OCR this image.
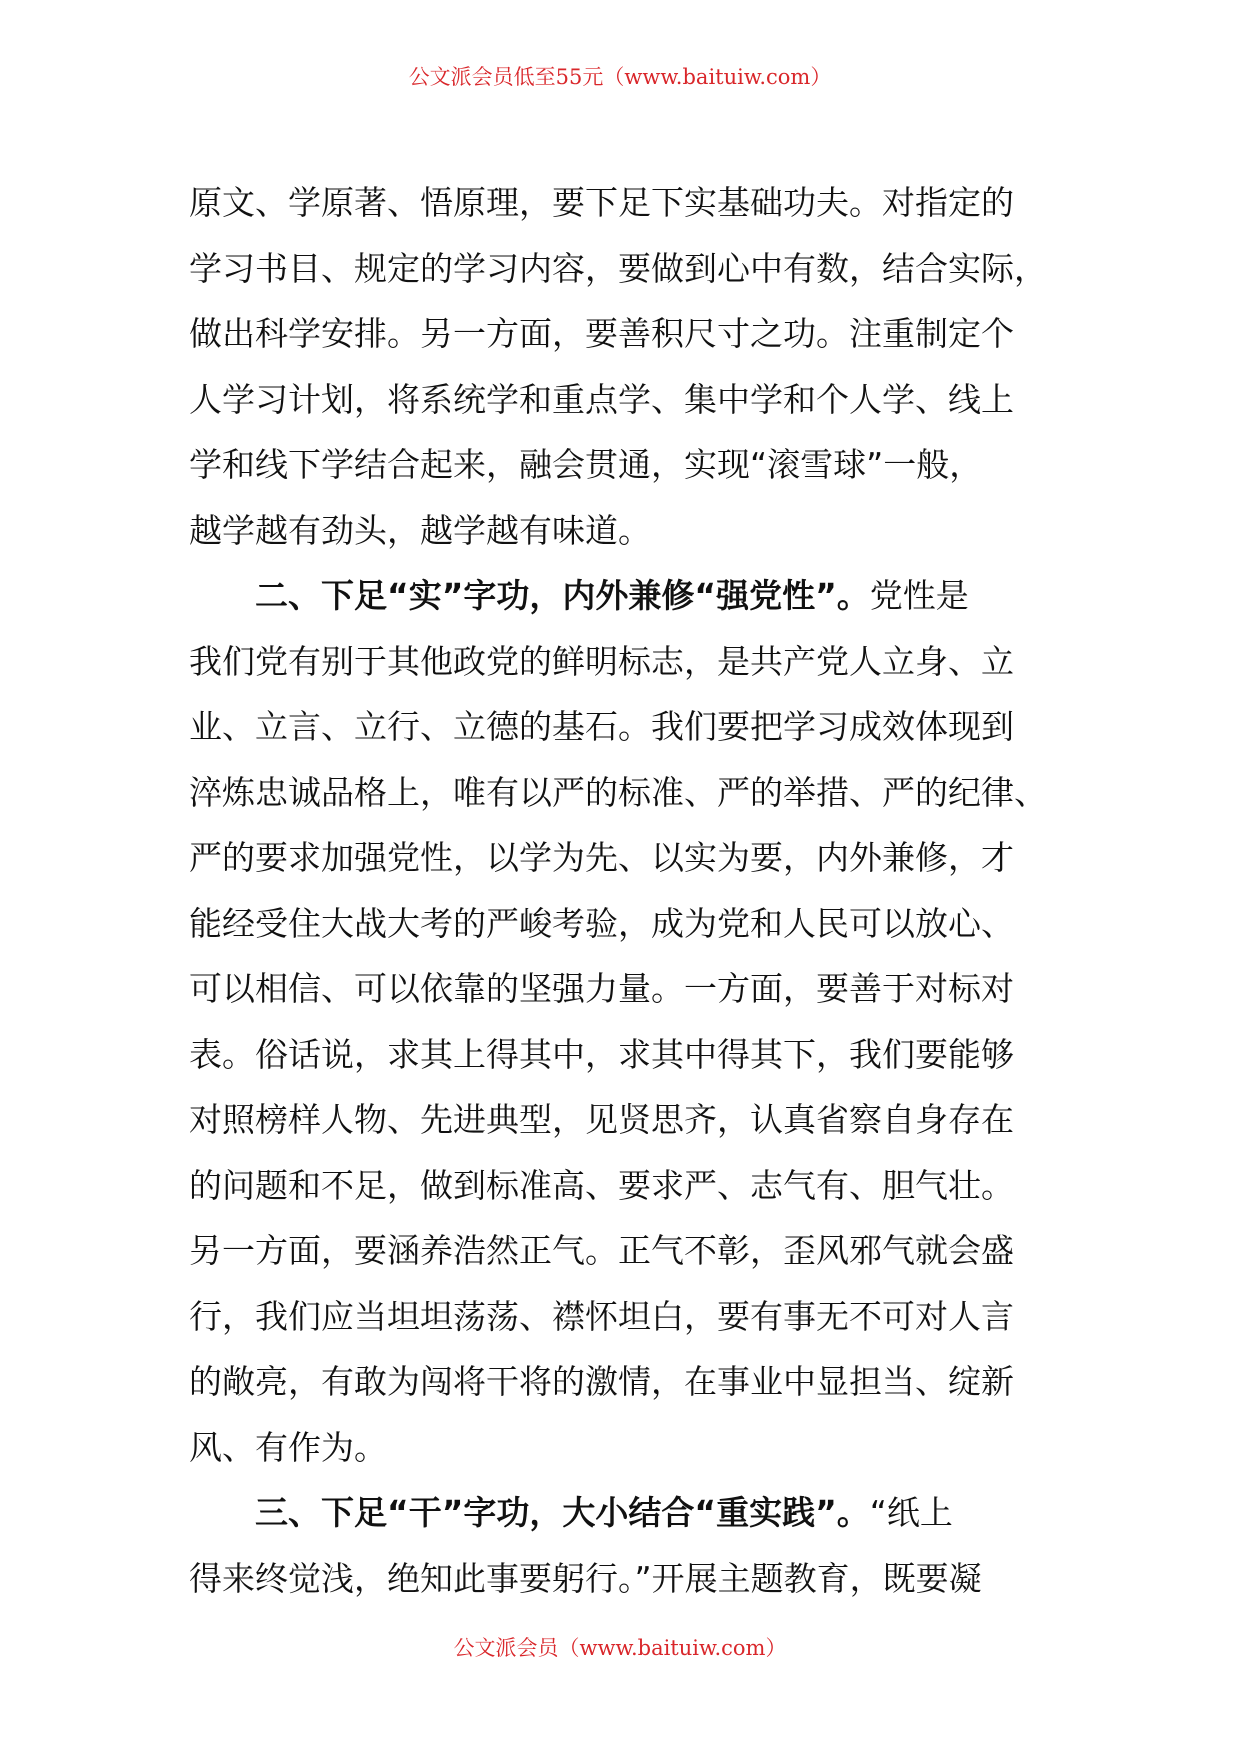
公文派会员低至55元（www.baituiw.com）
原文、学原著、悟原理，要下足下实基础功夫。对指定的
学习书目、规定的学习内容，要做到心中有数，结合实际，
做出科学安排。另一方面，要善积尺寸之功。注重制定个
人学习计划，将系统学和重点学、集中学和个人学、线上
学和线下学结合起来，融会贯通，实现“滚雪球”一般，
越学越有劲头，越学越有味道。
二、下足“实”字功，内外兼修“强党性”。党性是
我们党有别于其他政党的鲜明标志，是共产党人立身、立
业、立言、立行、立德的基石。我们要把学习成效体现到
淬炼忠诚品格上，唯有以严的标准、严的举措、严的纪律、
严的要求加强党性，以学为先、以实为要，内外兼修，才
能经受住大战大考的严峻考验，成为党和人民可以放心、
可以相信、可以依靠的坚强力量。一方面，要善于对标对
表。俗话说，求其上得其中，求其中得其下，我们要能够
对照榜样人物、先进典型，见贤思齐，认真省察自身存在
的问题和不足，做到标准高、要求严、志气有、胆气壮。
另一方面，要涵养浩然正气。正气不彰，歪风邪气就会盛
行，我们应当坦坦荡荡、襟怀坦白，要有事无不可对人言
的敞亮，有敢为闯将干将的激情，在事业中显担当、绽新
风、有作为。
三、下足“干”字功，大小结合“重实践”。“纸上
得来终觉浅，绝知此事要躬行。”开展主题教育，既要凝
公文派会员（www.baituiw.com）
